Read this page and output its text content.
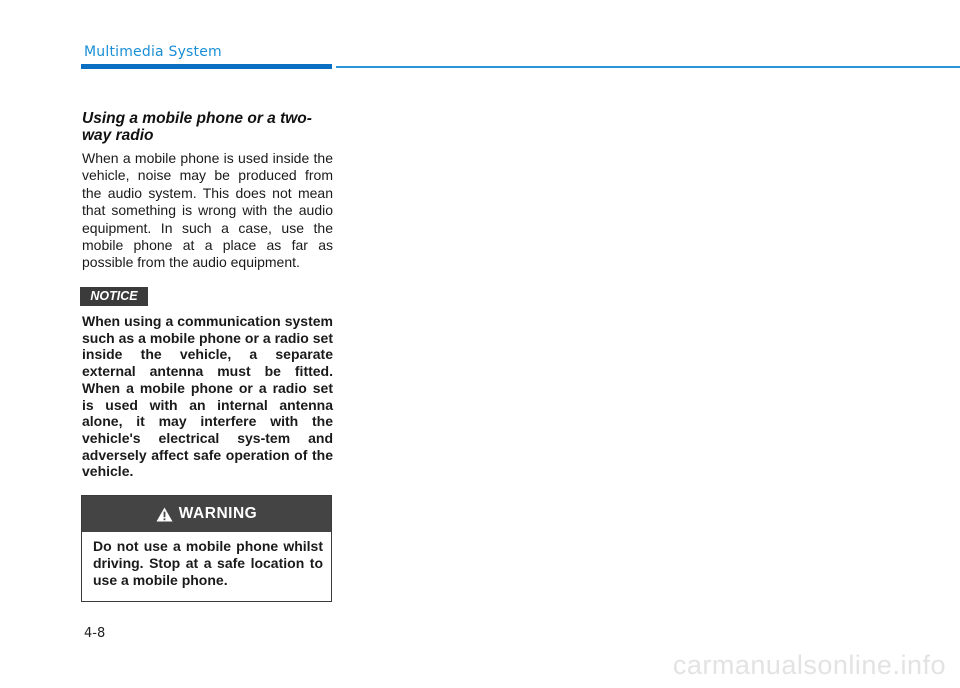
Multimedia System
Using a mobile phone or a two-way radio

When a mobile phone is used inside the vehicle, noise may be produced from the audio system. This does not mean that something is wrong with the audio equipment. In such a case, use the mobile phone at a place as far as possible from the audio equipment.

NOTICE

When using a communication system such as a mobile phone or a radio set inside the vehicle, a separate external antenna must be fitted. When a mobile phone or a radio set is used with an internal antenna alone, it may interfere with the vehicle's electrical sys-tem and adversely affect safe operation of the vehicle.

WARNING

Do not use a mobile phone whilst driving. Stop at a safe location to use a mobile phone.

4-8
carmanualsonline.info
